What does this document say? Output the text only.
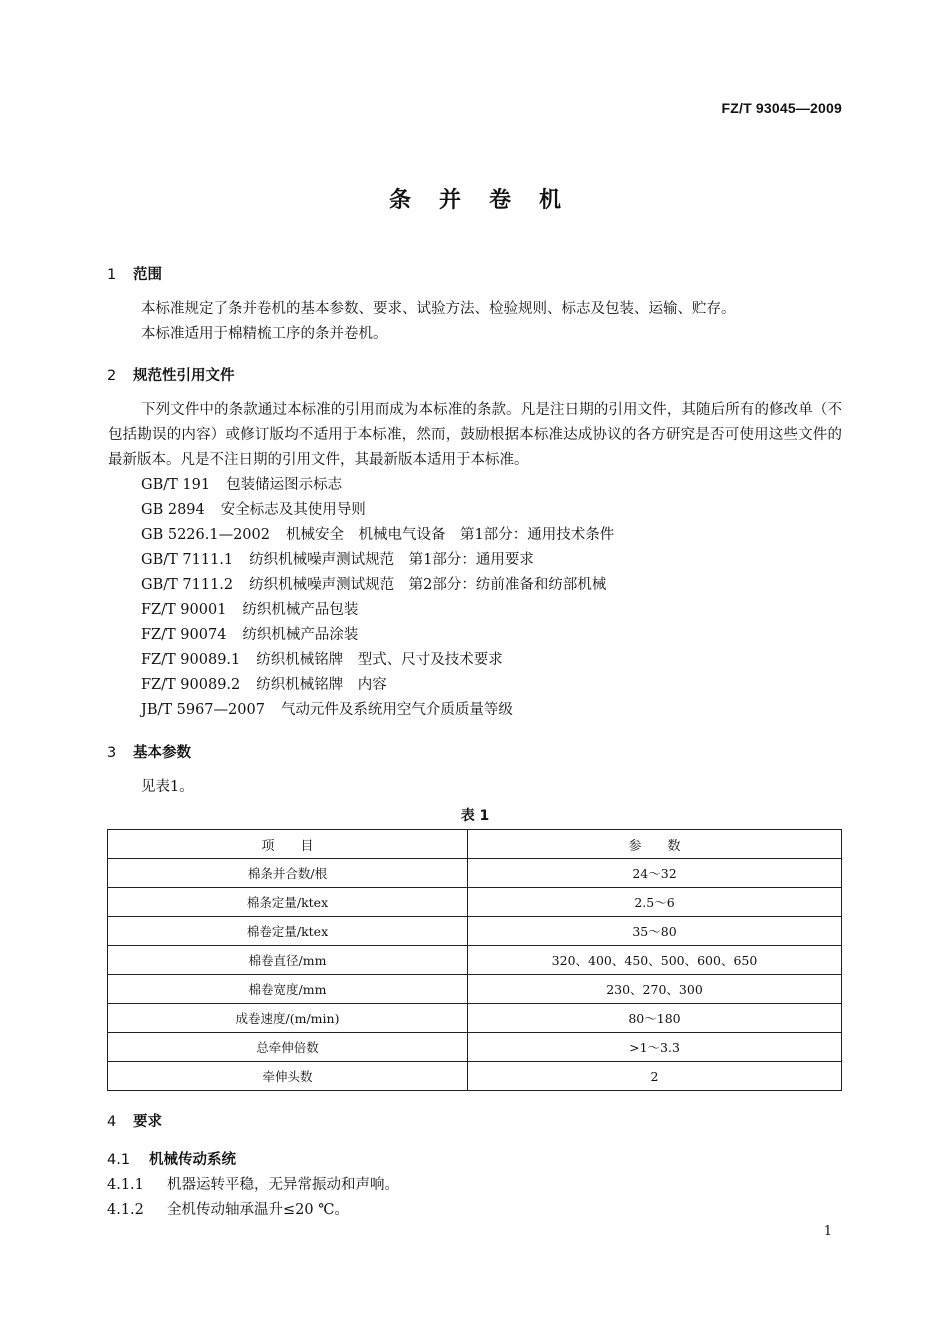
FZ/T 93045—2009
条并卷机
1 范围
本标准规定了条并卷机的基本参数、要求、试验方法、检验规则、标志及包装、运输、贮存。
本标准适用于棉精梳工序的条并卷机。
2 规范性引用文件
下列文件中的条款通过本标准的引用而成为本标准的条款。凡是注日期的引用文件，其随后所有的修改单（不包括勘误的内容）或修订版均不适用于本标准，然而，鼓励根据本标准达成协议的各方研究是否可使用这些文件的最新版本。凡是不注日期的引用文件，其最新版本适用于本标准。
GB/T 191 包装储运图示标志
GB 2894 安全标志及其使用导则
GB 5226.1—2002 机械安全　机械电气设备　第1部分：通用技术条件
GB/T 7111.1 纺织机械噪声测试规范　第1部分：通用要求
GB/T 7111.2 纺织机械噪声测试规范　第2部分：纺前准备和纺部机械
FZ/T 90001 纺织机械产品包装
FZ/T 90074 纺织机械产品涂装
FZ/T 90089.1 纺织机械铭牌　型式、尺寸及技术要求
FZ/T 90089.2 纺织机械铭牌　内容
JB/T 5967—2007 气动元件及系统用空气介质质量等级
3 基本参数
见表1。
表 1
项　　目	参　　数
棉条并合数/根	24～32
棉条定量/ktex	2.5～6
棉卷定量/ktex	35～80
棉卷直径/mm	320、400、450、500、600、650
棉卷宽度/mm	230、270、300
成卷速度/(m/min)	80～180
总牵伸倍数	>1～3.3
牵伸头数	2
4 要求
4.1 机械传动系统
4.1.1 机器运转平稳，无异常振动和声响。
4.1.2 全机传动轴承温升≤20 ℃。
1
